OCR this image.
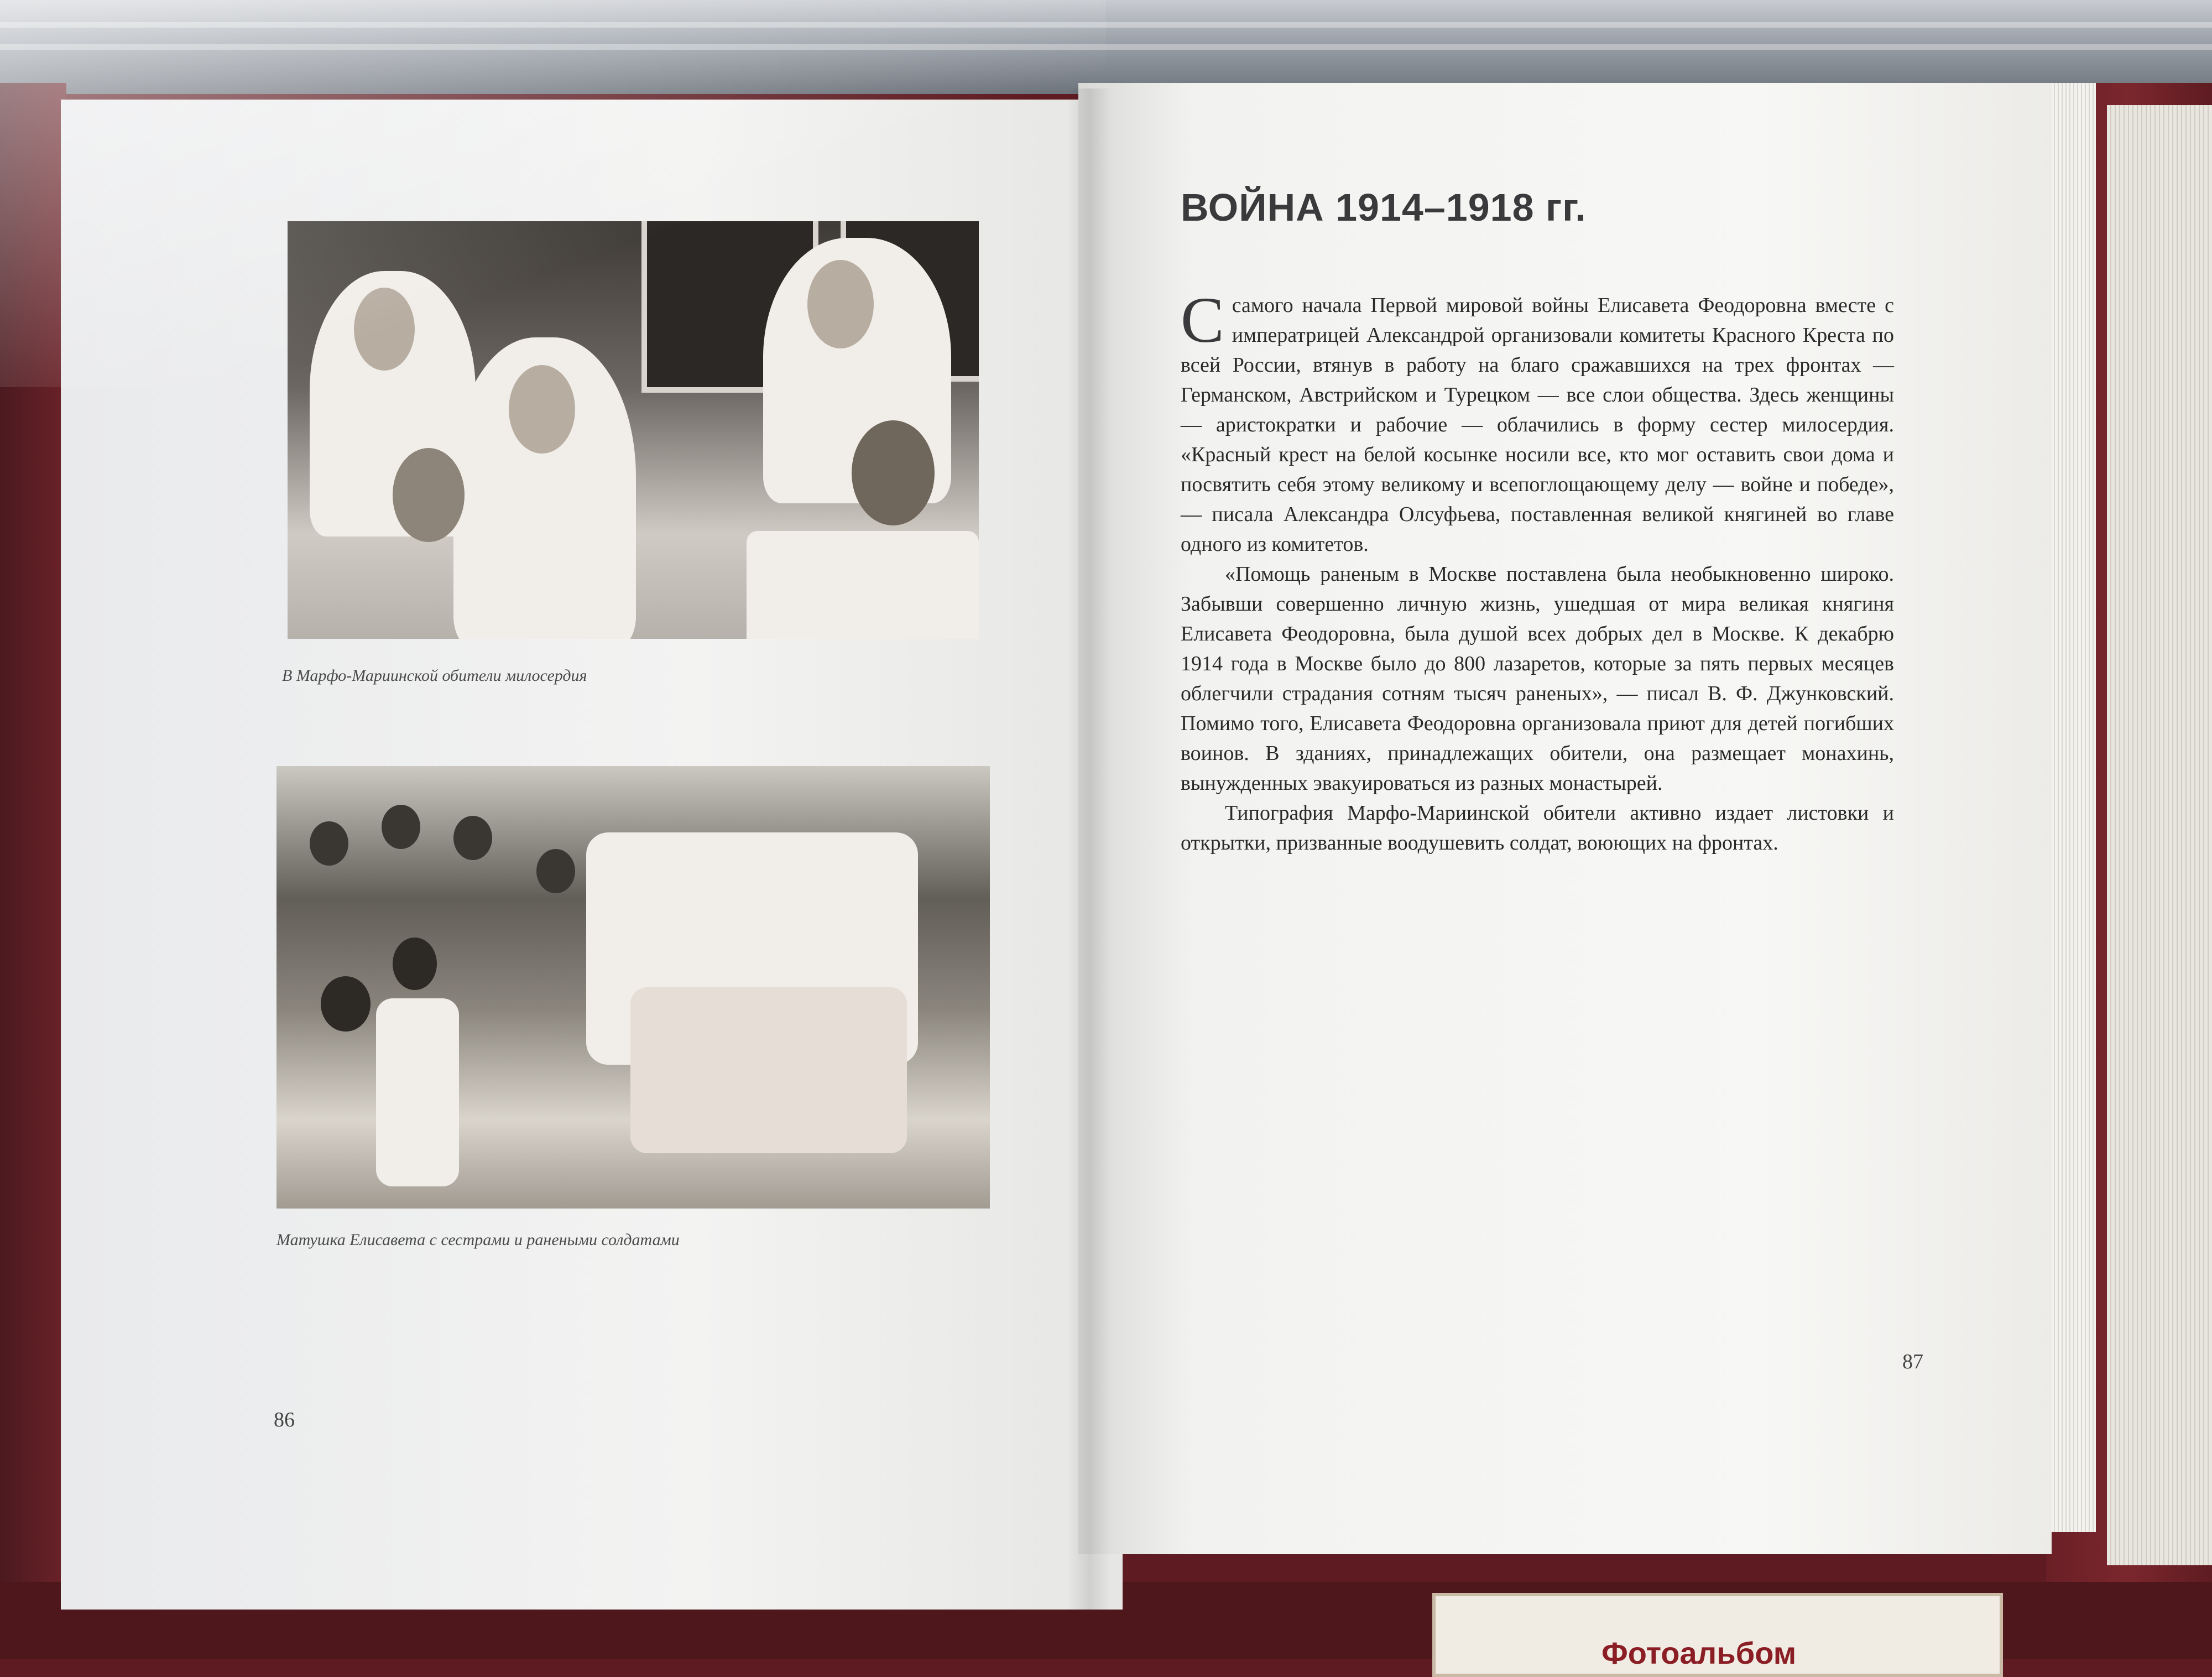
В Марфо-Мариинской обители милосердия
Матушка Елисавета с сестрами и ранеными солдатами
86
ВОЙНА 1914–1918 гг.

Ссамого начала Первой мировой войны Елисавета Феодоровна вместе с императрицей Александрой организовали комитеты Красного Креста по всей России, втянув в работу на благо сражавшихся на трех фронтах — Германском, Австрийском и Турецком — все слои общества. Здесь женщины — аристократки и рабочие — облачились в форму сестер милосердия. «Красный крест на белой косынке носили все, кто мог оставить свои дома и посвятить себя этому великому и всепоглощающему делу — войне и победе», — писала Александра Олсуфьева, поставленная великой княгиней во главе одного из комитетов.

«Помощь раненым в Москве поставлена была необыкновенно широко. Забывши совершенно личную жизнь, ушедшая от мира великая княгиня Елисавета Феодоровна, была душой всех добрых дел в Москве. К декабрю 1914 года в Москве было до 800 лазаретов, которые за пять первых месяцев облегчили страдания сотням тысяч раненых», — писал В. Ф. Джунковский. Помимо того, Елисавета Феодоровна организовала приют для детей погибших воинов. В зданиях, принадлежащих обители, она размещает монахинь, вынужденных эвакуироваться из разных монастырей.

Типография Марфо-Мариинской обители активно издает листовки и открытки, призванные воодушевить солдат, воюющих на фронтах.

87
Фотоальбом
